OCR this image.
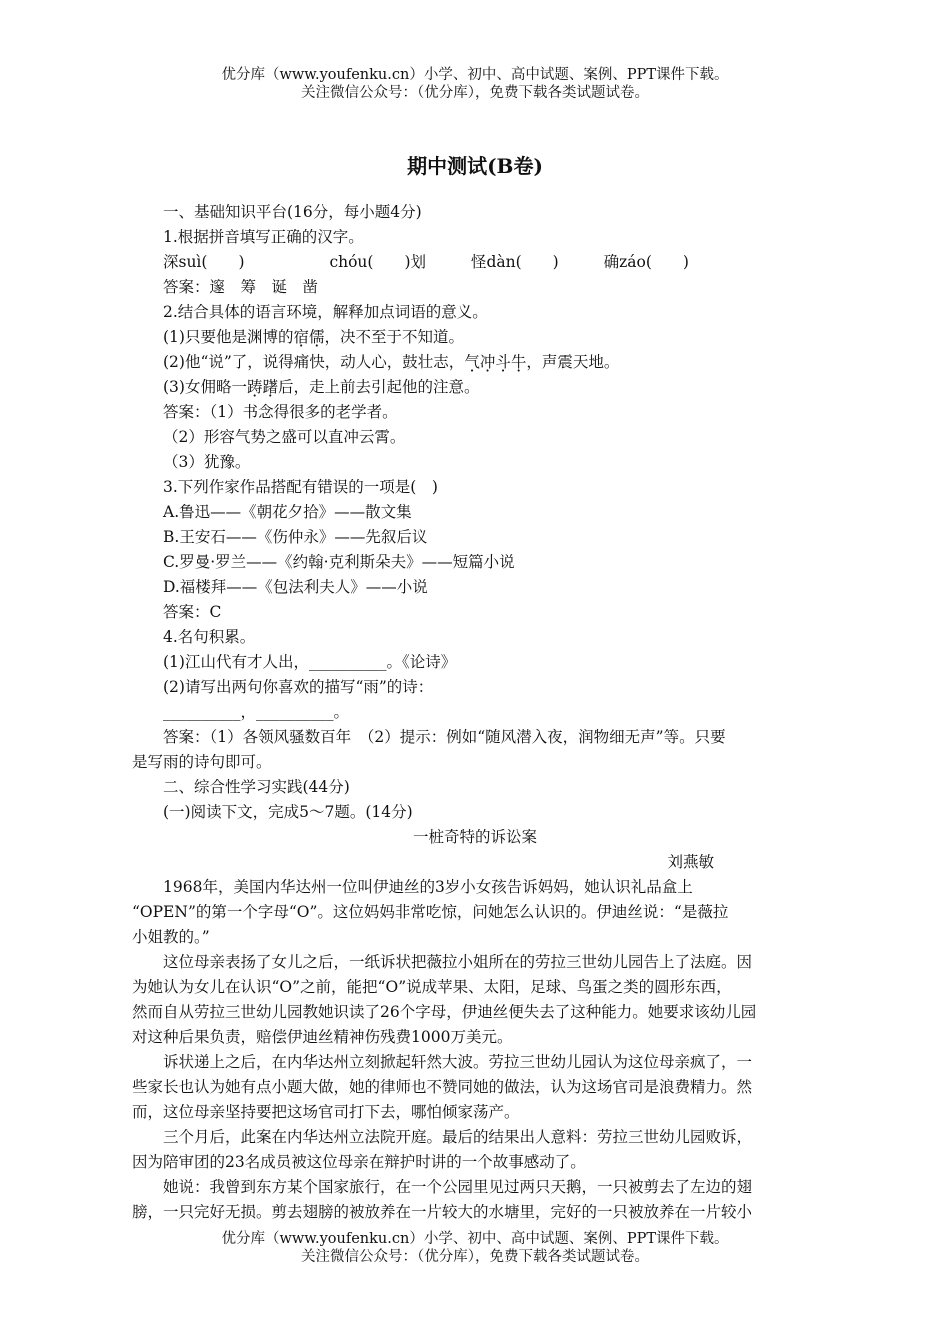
优分库（www.youfenku.cn）小学、初中、高中试题、案例、PPT课件下载。
关注微信公众号：（优分库），免费下载各类试题试卷。
期中测试(B卷)
一、基础知识平台(16分，每小题4分)
1.根据拼音填写正确的汉字。
深suì(　　)	chóu(　　)划	怪dàn(　　)	确záo(　　)
答案：邃　筹　诞　凿
2.结合具体的语言环境，解释加点词语的意义。
(1)只要他是渊博的宿儒，决不至于不知道。
(2)他“说”了，说得痛快，动人心，鼓壮志，气冲斗牛，声震天地。
(3)女佣略一踌躇后，走上前去引起他的注意。
答案：（1）书念得很多的老学者。
（2）形容气势之盛可以直冲云霄。
（3）犹豫。
3.下列作家作品搭配有错误的一项是(　)
A.鲁迅——《朝花夕拾》——散文集
B.王安石——《伤仲永》——先叙后议
C.罗曼·罗兰——《约翰·克利斯朵夫》——短篇小说
D.福楼拜——《包法利夫人》——小说
答案：C
4.名句积累。
(1)江山代有才人出，__________。《论诗》
(2)请写出两句你喜欢的描写“雨”的诗：
__________，__________。
答案：（1）各领风骚数百年　（2）提示：例如“随风潜入夜，润物细无声”等。只要
是写雨的诗句即可。
二、综合性学习实践(44分)
(一)阅读下文，完成5～7题。(14分)
一桩奇特的诉讼案
刘燕敏
1968年，美国内华达州一位叫伊迪丝的3岁小女孩告诉妈妈，她认识礼品盒上
“OPEN”的第一个字母“O”。这位妈妈非常吃惊，问她怎么认识的。伊迪丝说：“是薇拉
小姐教的。”
这位母亲表扬了女儿之后，一纸诉状把薇拉小姐所在的劳拉三世幼儿园告上了法庭。因
为她认为女儿在认识“O”之前，能把“O”说成苹果、太阳，足球、鸟蛋之类的圆形东西，
然而自从劳拉三世幼儿园教她识读了26个字母，伊迪丝便失去了这种能力。她要求该幼儿园
对这种后果负责，赔偿伊迪丝精神伤残费1000万美元。
诉状递上之后，在内华达州立刻掀起轩然大波。劳拉三世幼儿园认为这位母亲疯了，一
些家长也认为她有点小题大做，她的律师也不赞同她的做法，认为这场官司是浪费精力。然
而，这位母亲坚持要把这场官司打下去，哪怕倾家荡产。
三个月后，此案在内华达州立法院开庭。最后的结果出人意料：劳拉三世幼儿园败诉，
因为陪审团的23名成员被这位母亲在辩护时讲的一个故事感动了。
她说：我曾到东方某个国家旅行，在一个公园里见过两只天鹅，一只被剪去了左边的翅
膀，一只完好无损。剪去翅膀的被放养在一片较大的水塘里，完好的一只被放养在一片较小
优分库（www.youfenku.cn）小学、初中、高中试题、案例、PPT课件下载。
关注微信公众号：（优分库），免费下载各类试题试卷。
